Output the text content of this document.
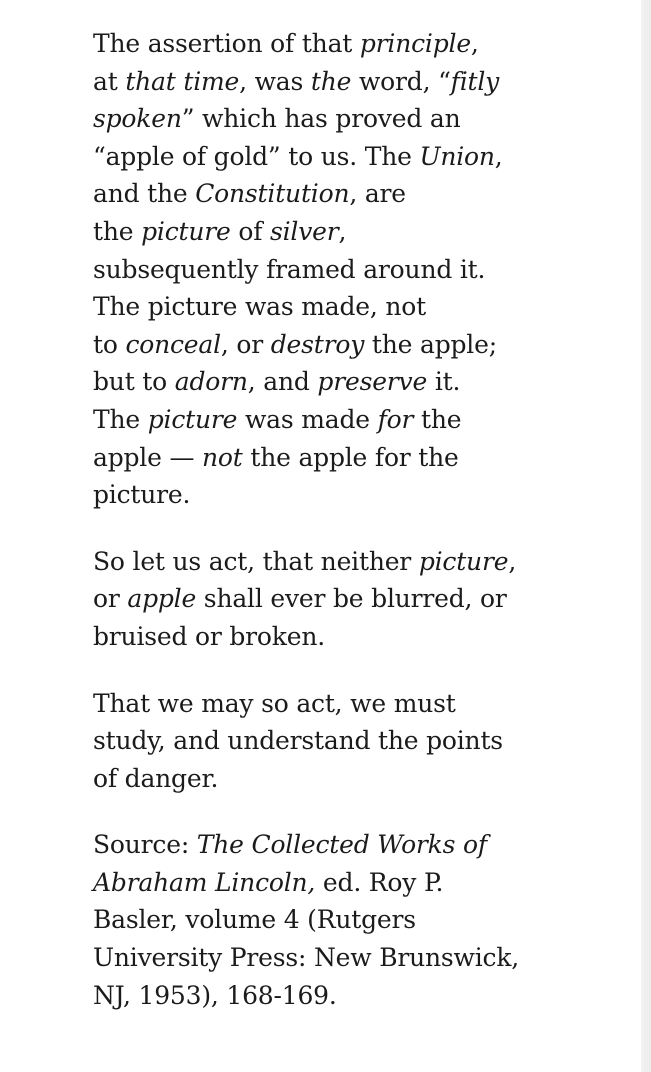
The assertion of that principle,
at that time, was the word, “fitly
spoken” which has proved an
“apple of gold” to us. The Union,
and the Constitution, are
the picture of silver,
subsequently framed around it.
The picture was made, not
to conceal, or destroy the apple;
but to adorn, and preserve it.
The picture was made for the
apple — not the apple for the
picture.

So let us act, that neither picture,
or apple shall ever be blurred, or
bruised or broken.

That we may so act, we must
study, and understand the points
of danger.

Source: The Collected Works of
Abraham Lincoln, ed. Roy P.
Basler, volume 4 (Rutgers
University Press: New Brunswick,
NJ, 1953), 168-169.
